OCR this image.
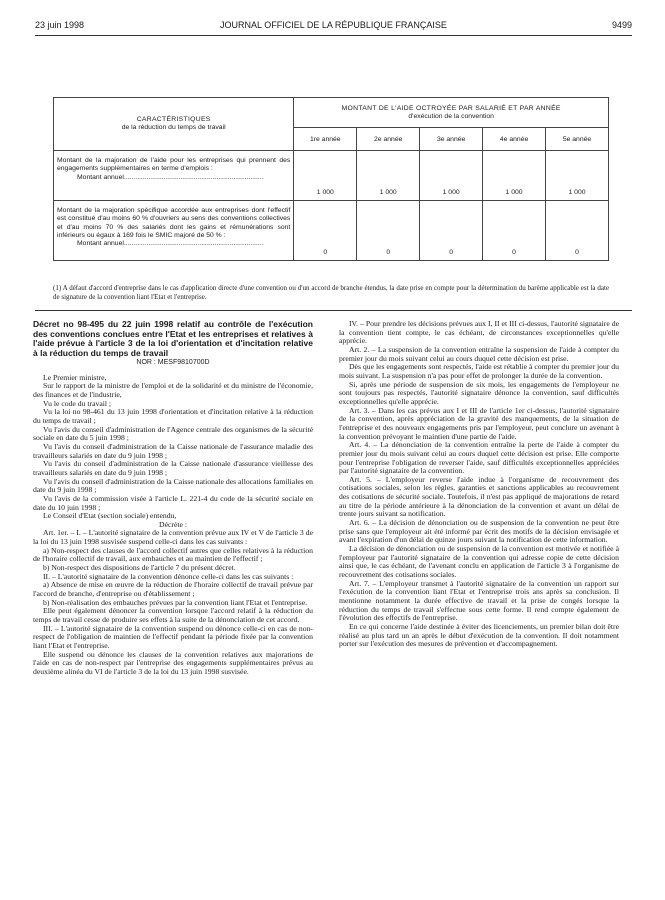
23 juin 1998	JOURNAL OFFICIEL DE LA RÉPUBLIQUE FRANÇAISE	9499
CARACTÉRISTIQUES
de la réduction du temps de travail	MONTANT DE L'AIDE OCTROYÉE PAR SALARIÉ ET PAR ANNÉE
d'exécution de la convention				
	1re année	2e année	3e année	4e année	5e année
Montant de la majoration de l'aide pour les entreprises qui prennent des engagements supplémentaires en terme d'emplois :
Montant annuel..........................................................................	1 000	1 000	1 000	1 000	1 000
Montant de la majoration spécifique accordée aux entreprises dont l'effectif est constitué d'au moins 60 % d'ouvriers au sens des conventions collectives et d'au moins 70 % des salariés dont les gains et rémunérations sont inférieurs ou égaux à 169 fois le SMIC majoré de 50 % :
Montant annuel..........................................................................	0	0	0	0	0
(1) A défaut d'accord d'entreprise dans le cas d'application directe d'une convention ou d'un accord de branche étendus, la date prise en compte pour la détermination du barème applicable est la date de signature de la convention liant l'Etat et l'entreprise.

Décret no 98-495 du 22 juin 1998 relatif au contrôle de l'exécution des conventions conclues entre l'Etat et les entreprises et relatives à l'aide prévue à l'article 3 de la loi d'orientation et d'incitation relative à la réduction du temps de travail

NOR : MESF9810700D

Le Premier ministre,

Sur le rapport de la ministre de l'emploi et de la solidarité et du ministre de l'économie, des finances et de l'industrie,

Vu le code du travail ;

Vu la loi no 98-461 du 13 juin 1998 d'orientation et d'incitation relative à la réduction du temps de travail ;

Vu l'avis du conseil d'administration de l'Agence centrale des organismes de la sécurité sociale en date du 5 juin 1998 ;

Vu l'avis du conseil d'administration de la Caisse nationale de l'assurance maladie des travailleurs salariés en date du 9 juin 1998 ;

Vu l'avis du conseil d'administration de la Caisse nationale d'assurance vieillesse des travailleurs salariés en date du 9 juin 1998 ;

Vu l'avis du conseil d'administration de la Caisse nationale des allocations familiales en date du 9 juin 1998 ;

Vu l'avis de la commission visée à l'article L. 221-4 du code de la sécurité sociale en date du 10 juin 1998 ;

Le Conseil d'Etat (section sociale) entendu,

Décrète :

Art. 1er. – I. – L'autorité signataire de la convention prévue aux IV et V de l'article 3 de la loi du 13 juin 1998 susvisée suspend celle-ci dans les cas suivants :

a) Non-respect des clauses de l'accord collectif autres que celles relatives à la réduction de l'horaire collectif de travail, aux embauches et au maintien de l'effectif ;

b) Non-respect des dispositions de l'article 7 du présent décret.

II. – L'autorité signataire de la convention dénonce celle-ci dans les cas suivants :

a) Absence de mise en œuvre de la réduction de l'horaire collectif de travail prévue par l'accord de branche, d'entreprise ou d'établissement ;

b) Non-réalisation des embauches prévues par la convention liant l'Etat et l'entreprise.

Elle peut également dénoncer la convention lorsque l'accord relatif à la réduction du temps de travail cesse de produire ses effets à la suite de la dénonciation de cet accord.

III. – L'autorité signataire de la convention suspend ou dénonce celle-ci en cas de non-respect de l'obligation de maintien de l'effectif pendant la période fixée par la convention liant l'Etat et l'entreprise.

Elle suspend ou dénonce les clauses de la convention relatives aux majorations de l'aide en cas de non-respect par l'entreprise des engagements supplémentaires prévus au deuxième alinéa du VI de l'article 3 de la loi du 13 juin 1998 susvisée.

IV. – Pour prendre les décisions prévues aux I, II et III ci-dessus, l'autorité signataire de la convention tient compte, le cas échéant, de circonstances exceptionnelles qu'elle apprécie.

Art. 2. – La suspension de la convention entraîne la suspension de l'aide à compter du premier jour du mois suivant celui au cours duquel cette décision est prise.

Dès que les engagements sont respectés, l'aide est rétablie à compter du premier jour du mois suivant. La suspension n'a pas pour effet de prolonger la durée de la convention.

Si, après une période de suspension de six mois, les engagements de l'employeur ne sont toujours pas respectés, l'autorité signataire dénonce la convention, sauf difficultés exceptionnelles qu'elle apprécie.

Art. 3. – Dans les cas prévus aux I et III de l'article 1er ci-dessus, l'autorité signataire de la convention, après appréciation de la gravité des manquements, de la situation de l'entreprise et des nouveaux engagements pris par l'employeur, peut conclure un avenant à la convention prévoyant le maintien d'une partie de l'aide.

Art. 4. – La dénonciation de la convention entraîne la perte de l'aide à compter du premier jour du mois suivant celui au cours duquel cette décision est prise. Elle comporte pour l'entreprise l'obligation de reverser l'aide, sauf difficultés exceptionnelles appréciées par l'autorité signataire de la convention.

Art. 5. – L'employeur reverse l'aide indue à l'organisme de recouvrement des cotisations sociales, selon les règles, garanties et sanctions applicables au recouvrement des cotisations de sécurité sociale. Toutefois, il n'est pas appliqué de majorations de retard au titre de la période antérieure à la dénonciation de la convention et avant un délai de trente jours suivant sa notification.

Art. 6. – La décision de dénonciation ou de suspension de la convention ne peut être prise sans que l'employeur ait été informé par écrit des motifs de la décision envisagée et avant l'expiration d'un délai de quinze jours suivant la notification de cette information.

La décision de dénonciation ou de suspension de la convention est motivée et notifiée à l'employeur par l'autorité signataire de la convention qui adresse copie de cette décision ainsi que, le cas échéant, de l'avenant conclu en application de l'article 3 à l'organisme de recouvrement des cotisations sociales.

Art. 7. – L'employeur transmet à l'autorité signataire de la convention un rapport sur l'exécution de la convention liant l'Etat et l'entreprise trois ans après sa conclusion. Il mentionne notamment la durée effective de travail et la prise de congés lorsque la réduction du temps de travail s'effectue sous cette forme. Il rend compte également de l'évolution des effectifs de l'entreprise.

En ce qui concerne l'aide destinée à éviter des licenciements, un premier bilan doit être réalisé au plus tard un an après le début d'exécution de la convention. Il doit notamment porter sur l'exécution des mesures de prévention et d'accompagnement.
